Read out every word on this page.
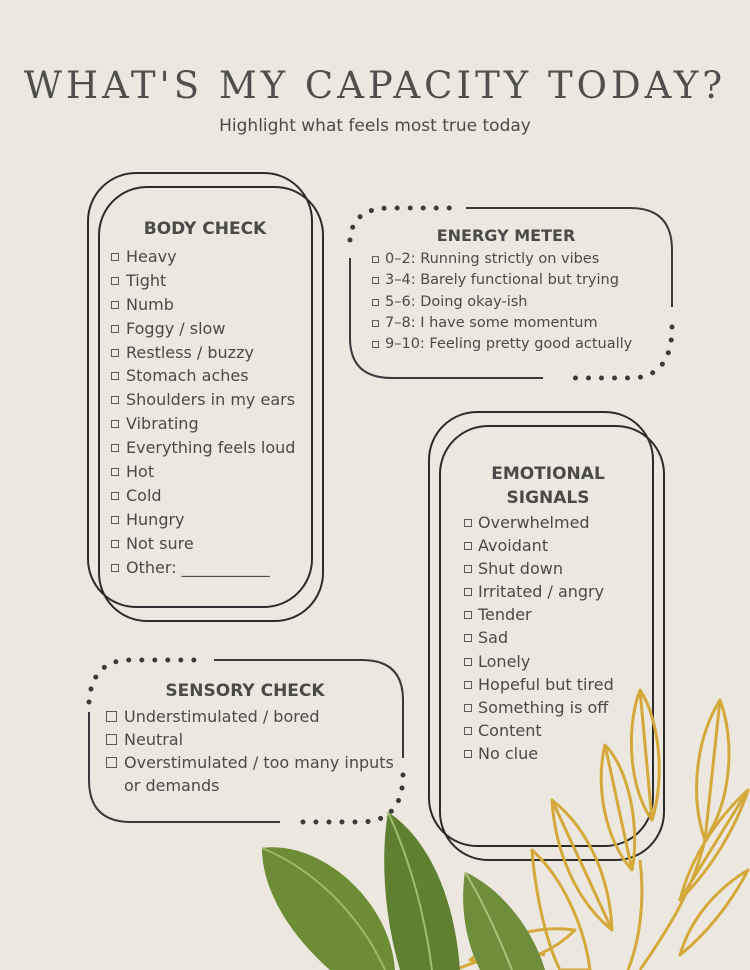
WHAT'S MY CAPACITY TODAY?

Highlight what feels most true today

BODY CHECK
Heavy
Tight
Numb
Foggy / slow
Restless / buzzy
Stomach aches
Shoulders in my ears
Vibrating
Everything feels loud
Hot
Cold
Hungry
Not sure
Other: ___________
ENERGY METER
0–2: Running strictly on vibes
3–4: Barely functional but trying
5–6: Doing okay-ish
7–8: I have some momentum
9–10: Feeling pretty good actually
EMOTIONAL
SIGNALS
Overwhelmed
Avoidant
Shut down
Irritated / angry
Tender
Sad
Lonely
Hopeful but tired
Something is off
Content
No clue
SENSORY CHECK
Understimulated / bored
Neutral
Overstimulated / too many inputs or demands
